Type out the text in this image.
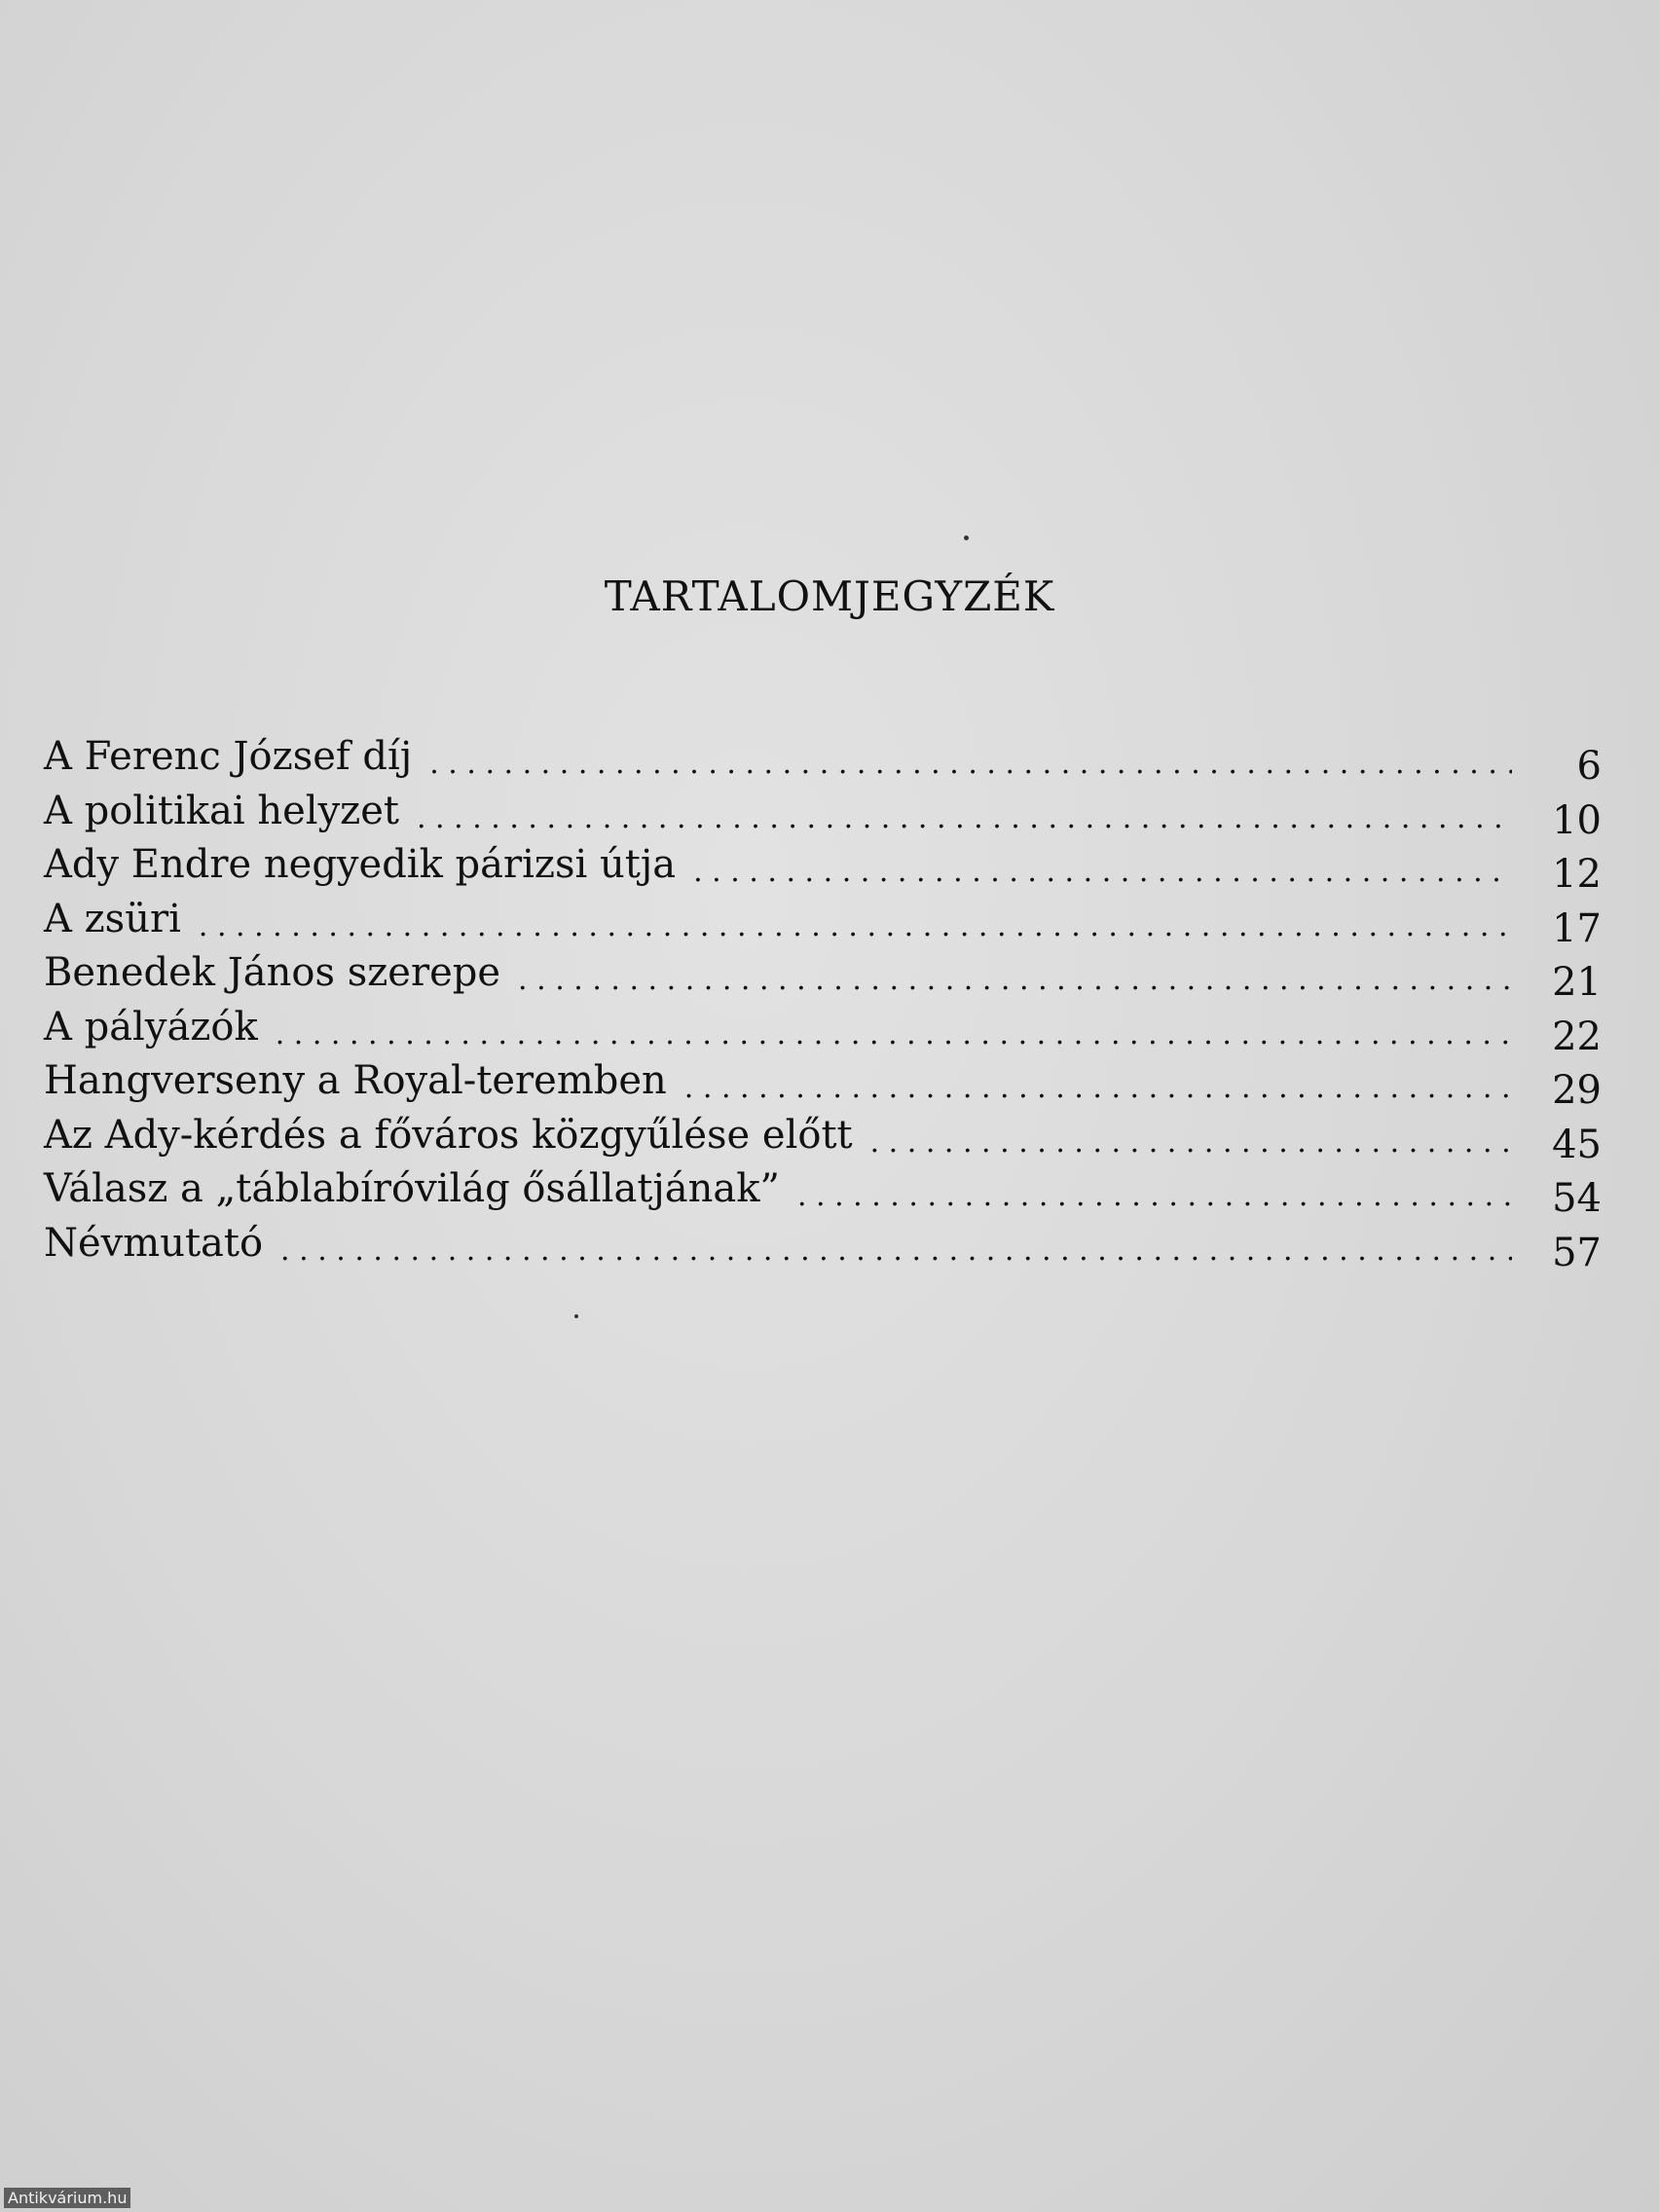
TARTALOMJEGYZÉK
A Ferenc József díj . . .	6
A politikai helyzet . . .	10
Ady Endre negyedik párizsi útja . . .	12
A zsüri . . .	17
Benedek János szerepe . . .	21
A pályázók . . .	22
Hangverseny a Royal-teremben . . .	29
Az Ady-kérdés a főváros közgyűlése előtt . . .	45
Válasz a „táblabíróvilág ősállatjának” . . .	54
Névmutató . . .	57
Antikvárium.hu
